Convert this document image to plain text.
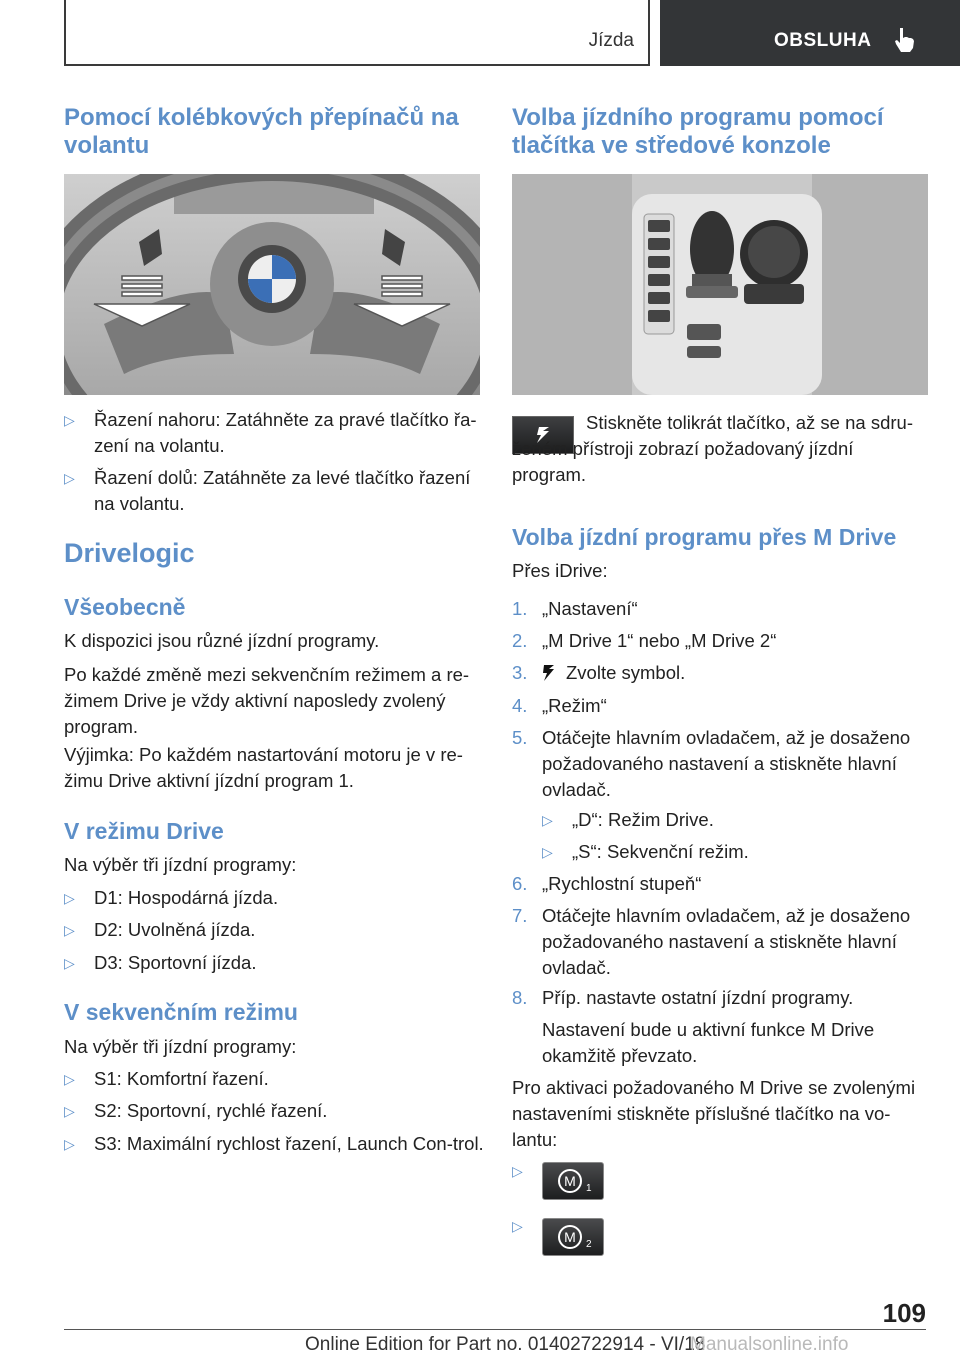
Jízda	OBSLUHA
Pomocí kolébkových přepínačů na volantu
▷ Řazení nahoru: Zatáhněte za pravé tlačítko řa-zení na volantu.
▷ Řazení dolů: Zatáhněte za levé tlačítko řazení na volantu.
Drivelogic
Všeobecně
K dispozici jsou různé jízdní programy.
Po každé změně mezi sekvenčním režimem a re-žimem Drive je vždy aktivní naposledy zvolený program.
Výjimka: Po každém nastartování motoru je v re-žimu Drive aktivní jízdní program 1.
V režimu Drive
Na výběr tři jízdní programy:
▷ D1: Hospodárná jízda.
▷ D2: Uvolněná jízda.
▷ D3: Sportovní jízda.
V sekvenčním režimu
Na výběr tři jízdní programy:
▷ S1: Komfortní řazení.
▷ S2: Sportovní, rychlé řazení.
▷ S3: Maximální rychlost řazení, Launch Con-trol.
Volba jízdního programu pomocí tlačítka ve středové konzole
Stiskněte tolikrát tlačítko, až se na sdru-ženém přístroji zobrazí požadovaný jízdní program.
Volba jízdní programu přes M Drive
Přes iDrive:
1. „Nastavení“
2. „M Drive 1“ nebo „M Drive 2“
3. Zvolte symbol.
4. „Režim“
5. Otáčejte hlavním ovladačem, až je dosaženo požadovaného nastavení a stiskněte hlavní ovladač.
▷ „D“: Režim Drive.
▷ „S“: Sekvenční režim.
6. „Rychlostní stupeň“
7. Otáčejte hlavním ovladačem, až je dosaženo požadovaného nastavení a stiskněte hlavní ovladač.
8. Příp. nastavte ostatní jízdní programy.
Nastavení bude u aktivní funkce M Drive okamžitě převzato.
Pro aktivaci požadovaného M Drive se zvolenými nastaveními stiskněte příslušné tlačítko na vo-lantu:
▷
M 1
▷
M 2
109
Online Edition for Part no. 01402722914 - VI/18
Manualsonline.info
